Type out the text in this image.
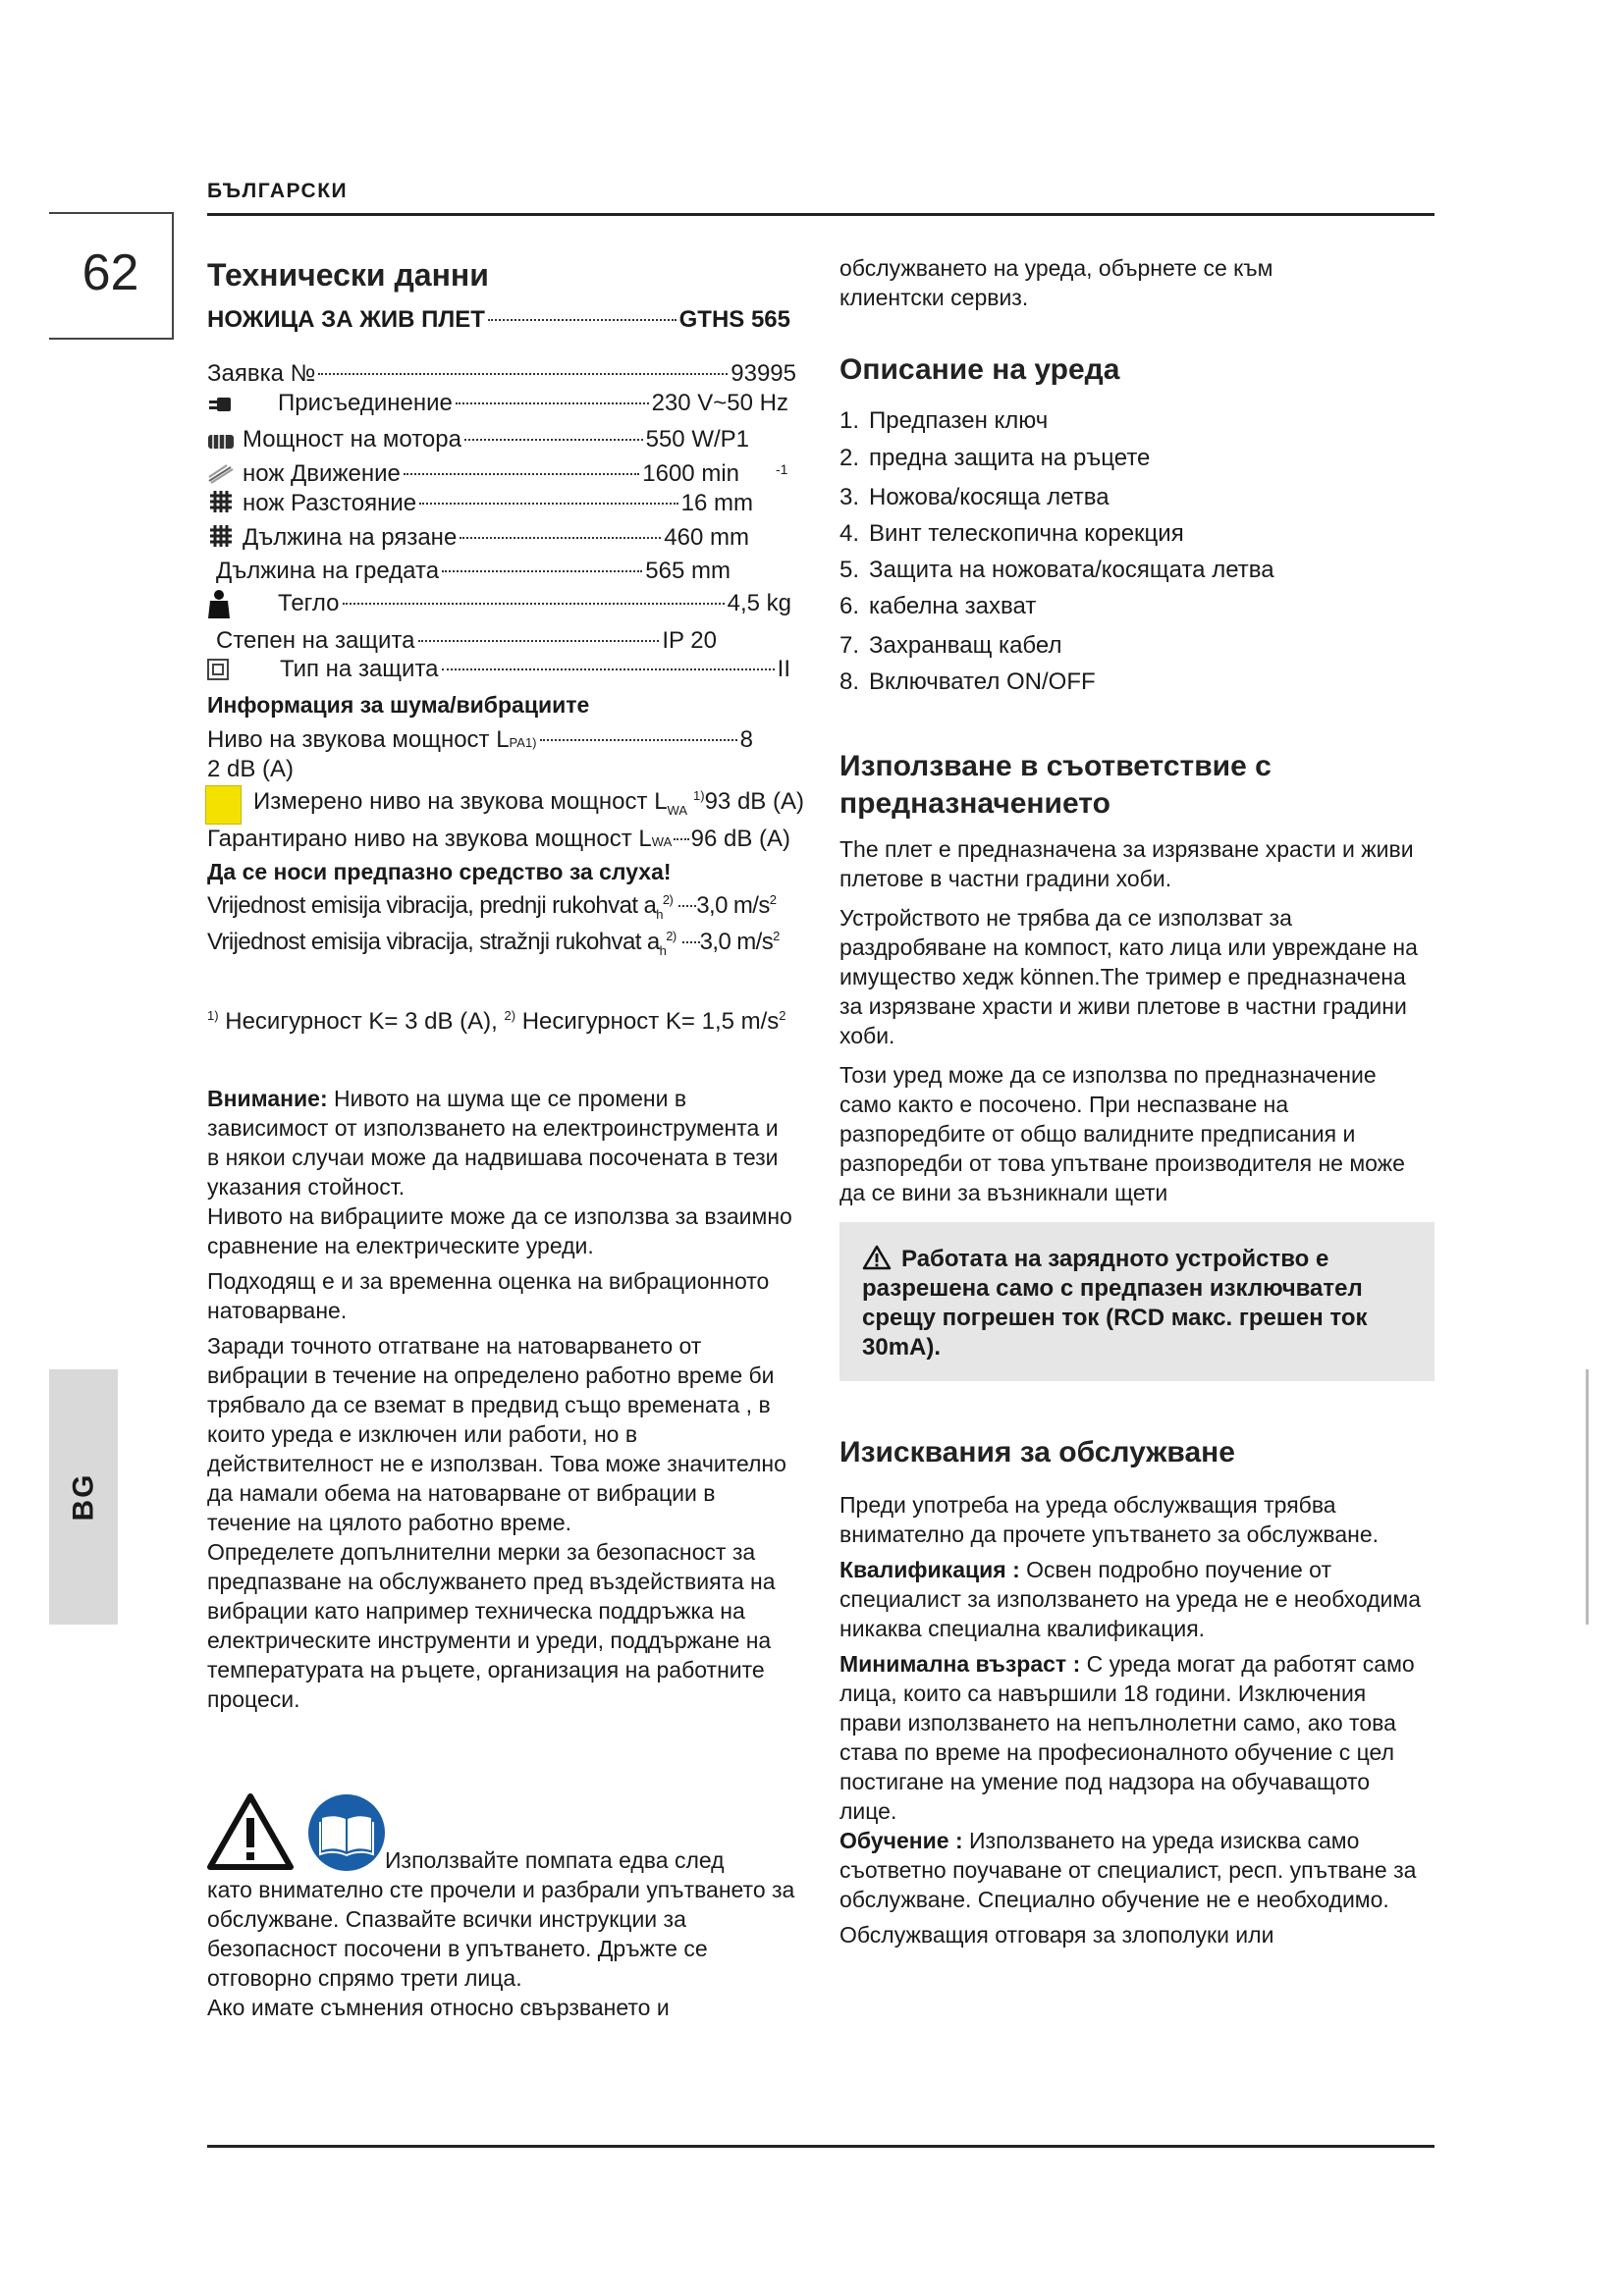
БЪЛГАРСКИ
62
BG
Технически данни
НОЖИЦА ЗА ЖИВ ПЛЕТ	GTHS 565
Заявка №	93995
Присъединение	230 V~50 Hz
Мощност на мотора	550 W/P1
нож Движение	1600 min	-1
нож Разстояние	16 mm
Дължина на рязане	460 mm
Дължина на гредата	565 mm
Тегло	4,5 kg
Степен на защита	IP 20
Тип на защита	II
Информация за шума/вибрациите
Ниво на звукова мощност L PA 1)	8
2 dB (A)
Измерено ниво на звукова мощност $L_{WA}^{1)}93$ dB (A)
Гарантирано ниво на звукова мощност L WA 96 dB (A)
Да се носи предпазно средство за слуха!
Vrijednost emisija vibracija, prednji rukohvat $a_h^{2)}$ 3,0 $m/s^2$
Vrijednost emisija vibracija, stražnji rukohvat $a_h^{2)}$ 3,0 $m/s^2$
$^{1)}$ Несигурност K= 3 dB (A), $^{2)}$ Несигурност K= 1,5 $m/s^2$

Внимание: Нивото на шума ще се промени в зависимост от използването на електроинструмента и в някои случаи може да надвишава посочената в тези указания стойност.

Нивото на вибрациите може да се използва за взаимно сравнение на електрическите уреди.

Подходящ е и за временна оценка на вибрационното натоварване.

Заради точното отгатване на натоварването от вибрации в течение на определено работно време би трябвало да се вземат в предвид също времената , в които уреда е изключен или работи, но в действителност не е използван. Това може значително да намали обема на натоварване от вибрации в течение на цялото работно време.

Определете допълнителни мерки за безопасност за предпазване на обслужването пред въздействията на вибрации като например техническа поддръжка на електрическите инструменти и уреди, поддържане на температурата на ръцете, организация на работните процеси.

Използвайте помпата едва след
като внимателно сте прочели и разбрали упътването за обслужване. Спазвайте всички инструкции за безопасност посочени в упътването. Дръжте се отговорно спрямо трети лица.
Ако имате съмнения относно свързването и
обслужването на уреда, обърнете се към клиентски сервиз.
Описание на уреда
1. Предпазен ключ
2. предна защита на ръцете
3. Ножова/косяща летва
4. Винт телескопична корекция
5. Защита на ножовата/косящата летва
6. кабелна захват
7. Захранващ кабел
8. Включвател ON/OFF
Използване в съответствие с предназначението

The плет е предназначена за изрязване храсти и живи плетове в частни градини хоби.

Устройството не трябва да се използват за раздробяване на компост, като лица или увреждане на имущество хедж können.The тример е предназначена за изрязване храсти и живи плетове в частни градини хоби.

Този уред може да се използва по предназначение само както е посочено. При неспазване на разпоредбите от общо валидните предписания и разпоредби от това упътване производителя не може да се вини за възникнали щети

Работата на зарядното устройство е разрешена само с предпазен изключвател срещу погрешен ток (RCD макс. грешен ток 30mA).
Изисквания за обслужване

Преди употреба на уреда обслужващия трябва внимателно да прочете упътването за обслужване.

Квалификация : Освен подробно поучение от специалист за използването на уреда не е необходима никаква специална квалификация.

Минимална възраст : С уреда могат да работят само лица, които са навършили 18 години. Изключения прави използването на непълнолетни само, ако това става по време на професионалното обучение с цел постигане на умение под надзора на обучаващото лице.

Обучение : Използването на уреда изисква само съответно поучаване от специалист, респ. упътване за обслужване. Специално обучение не е необходимо.

Обслужващия отговаря за злополуки или
